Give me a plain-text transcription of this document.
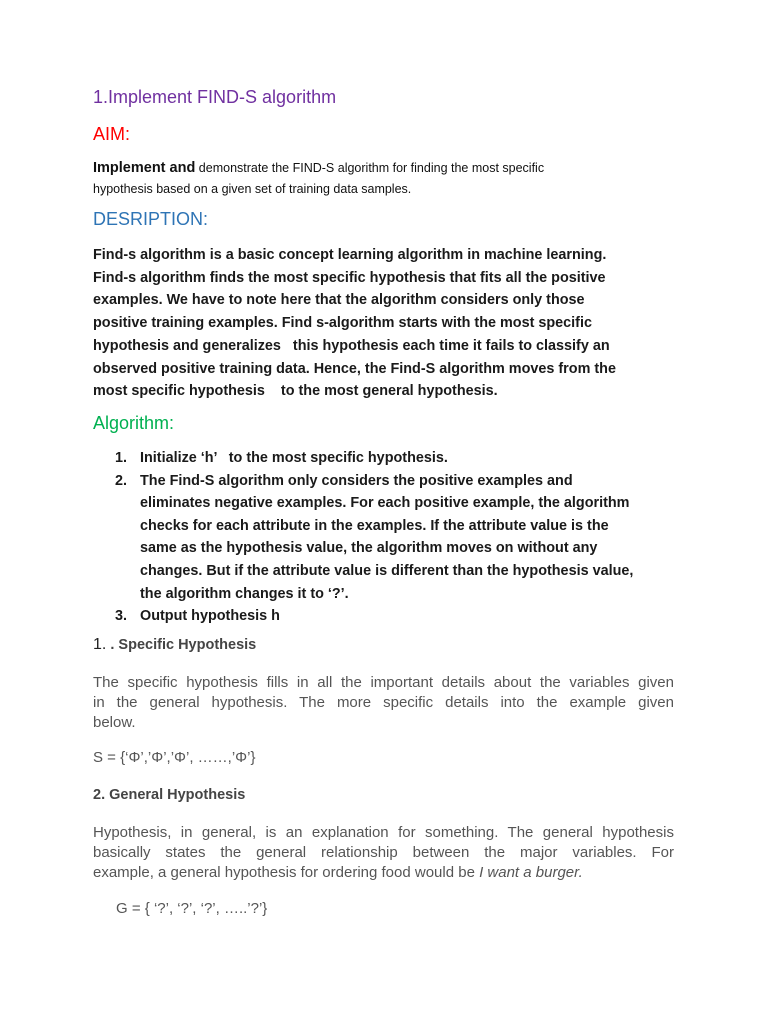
1.Implement FIND-S algorithm
AIM:

Implement and demonstrate the FIND-S algorithm for finding the most specific
hypothesis based on a given set of training data samples.

DESRIPTION:

Find-s algorithm is a basic concept learning algorithm in machine learning.
Find-s algorithm finds the most specific hypothesis that fits all the positive
examples. We have to note here that the algorithm considers only those
positive training examples. Find s-algorithm starts with the most specific
hypothesis and generalizes   this hypothesis each time it fails to classify an
observed positive training data. Hence, the Find-S algorithm moves from the
most specific hypothesis    to the most general hypothesis.

Algorithm:
1. Initialize ‘h’   to the most specific hypothesis.
2. The Find-S algorithm only considers the positive examples and
eliminates negative examples. For each positive example, the algorithm
checks for each attribute in the examples. If the attribute value is the
same as the hypothesis value, the algorithm moves on without any
changes. But if the attribute value is different than the hypothesis value,
the algorithm changes it to ‘?’.
3. Output hypothesis h
1. . Specific Hypothesis

The specific hypothesis fills in all the important details about the variables given
in the general hypothesis. The more specific details into the example given
below.

S = {‘Φ’,’Φ’,’Φ’, ……,’Φ’}

2. General Hypothesis

Hypothesis, in general, is an explanation for something. The general hypothesis
basically states the general relationship between the major variables. For
example, a general hypothesis for ordering food would be I want a burger.

G = { ‘?’, ‘?’, ‘?’, …..’?’}
